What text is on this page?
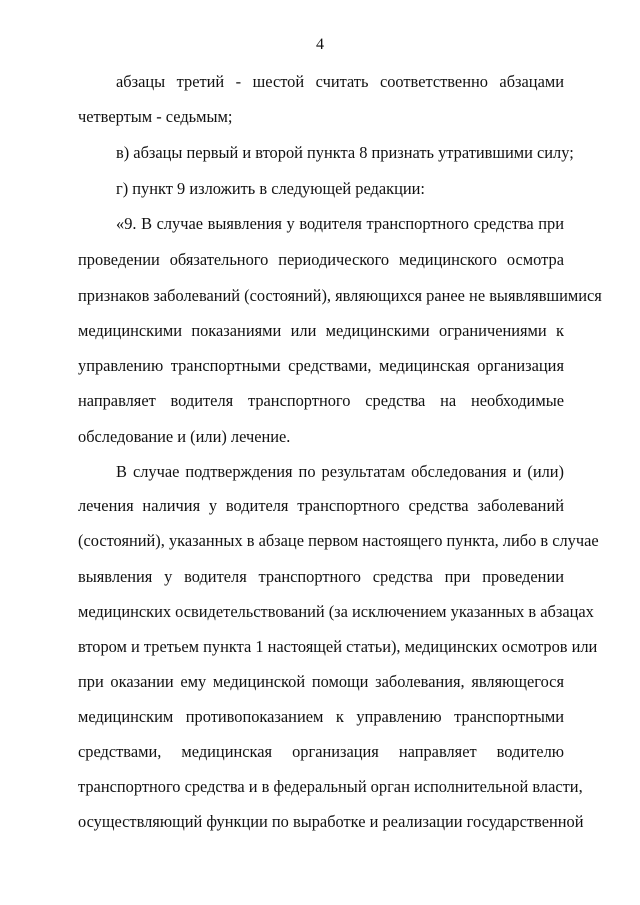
4
абзацы третий - шестой считать соответственно абзацами
четвертым - седьмым;
в) абзацы первый и второй пункта 8 признать утратившими силу;
г) пункт 9 изложить в следующей редакции:
«9. В случае выявления у водителя транспортного средства при
проведении обязательного периодического медицинского осмотра
признаков заболеваний (состояний), являющихся ранее не выявлявшимися
медицинскими показаниями или медицинскими ограничениями к
управлению транспортными средствами, медицинская организация
направляет водителя транспортного средства на необходимые
обследование и (или) лечение.
В случае подтверждения по результатам обследования и (или)
лечения наличия у водителя транспортного средства заболеваний
(состояний), указанных в абзаце первом настоящего пункта, либо в случае
выявления у водителя транспортного средства при проведении
медицинских освидетельствований (за исключением указанных в абзацах
втором и третьем пункта 1 настоящей статьи), медицинских осмотров или
при оказании ему медицинской помощи заболевания, являющегося
медицинским противопоказанием к управлению транспортными
средствами, медицинская организация направляет водителю
транспортного средства и в федеральный орган исполнительной власти,
осуществляющий функции по выработке и реализации государственной
